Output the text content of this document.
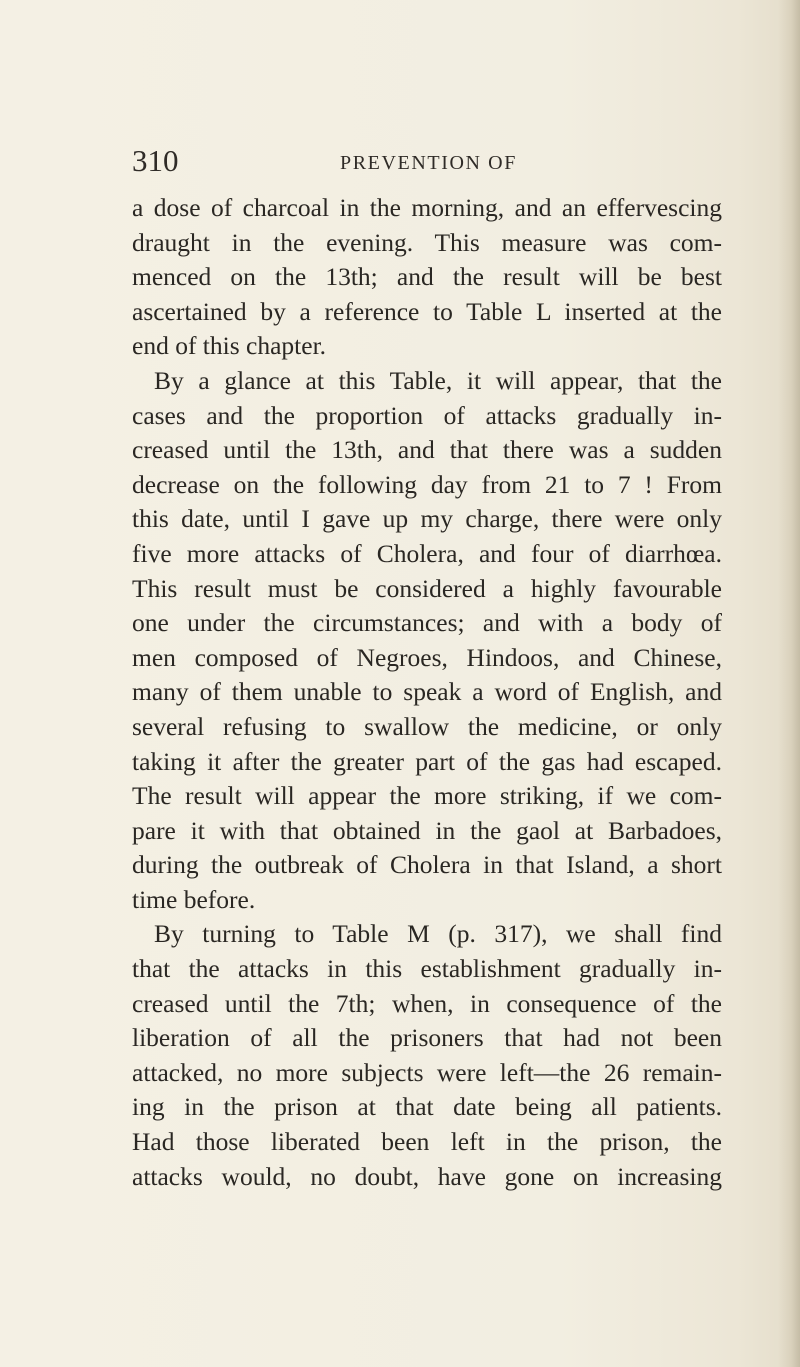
310	PREVENTION OF
a dose of charcoal in the morning, and an effervescing
draught in the evening. This measure was com-
menced on the 13th; and the result will be best
ascertained by a reference to Table L inserted at the
end of this chapter.
By a glance at this Table, it will appear, that the
cases and the proportion of attacks gradually in-
creased until the 13th, and that there was a sudden
decrease on the following day from 21 to 7 ! From
this date, until I gave up my charge, there were only
five more attacks of Cholera, and four of diarrhœa.
This result must be considered a highly favourable
one under the circumstances; and with a body of
men composed of Negroes, Hindoos, and Chinese,
many of them unable to speak a word of English, and
several refusing to swallow the medicine, or only
taking it after the greater part of the gas had escaped.
The result will appear the more striking, if we com-
pare it with that obtained in the gaol at Barbadoes,
during the outbreak of Cholera in that Island, a short
time before.
By turning to Table M (p. 317), we shall find
that the attacks in this establishment gradually in-
creased until the 7th; when, in consequence of the
liberation of all the prisoners that had not been
attacked, no more subjects were left—the 26 remain-
ing in the prison at that date being all patients.
Had those liberated been left in the prison, the
attacks would, no doubt, have gone on increasing
